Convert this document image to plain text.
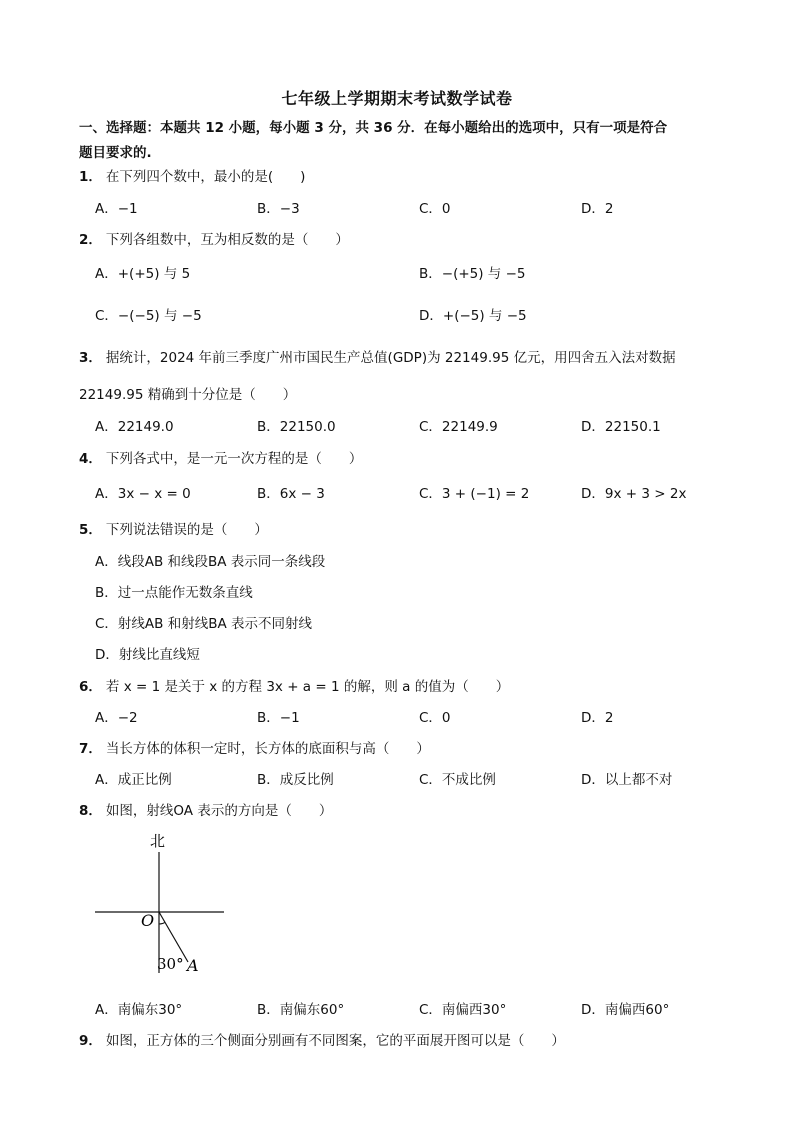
七年级上学期期末考试数学试卷
一、选择题：本题共 12 小题，每小题 3 分，共 36 分．在每小题给出的选项中，只有一项是符合
题目要求的.
1． 在下列四个数中，最小的是(　　)
A．−1	B．−3	C．0	D．2
2． 下列各组数中，互为相反数的是（　　）
A．+(+5) 与 5	B．−(+5) 与 −5
C．−(−5) 与 −5	D．+(−5) 与 −5
3． 据统计，2024 年前三季度广州市国民生产总值(GDP)为 22149.95 亿元，用四舍五入法对数据
22149.95 精确到十分位是（　　）
A．22149.0	B．22150.0	C．22149.9	D．22150.1
4． 下列各式中，是一元一次方程的是（　　）
A．3x − x = 0	B．6x − 3	C．3 + (−1) = 2	D．9x + 3 > 2x
5． 下列说法错误的是（　　）
A．线段AB 和线段BA 表示同一条线段
B．过一点能作无数条直线
C．射线AB 和射线BA 表示不同射线
D．射线比直线短
6． 若 x = 1 是关于 x 的方程 3x + a = 1 的解，则 a 的值为（　　）
A．−2	B．−1	C．0	D．2
7． 当长方体的体积一定时，长方体的底面积与高（　　）
A．成正比例	B．成反比例	C．不成比例	D．以上都不对
8． 如图，射线OA 表示的方向是（　　）
北
O
30° A
A．南偏东30°	B．南偏东60°	C．南偏西30°	D．南偏西60°
9． 如图，正方体的三个侧面分别画有不同图案，它的平面展开图可以是（　　）
